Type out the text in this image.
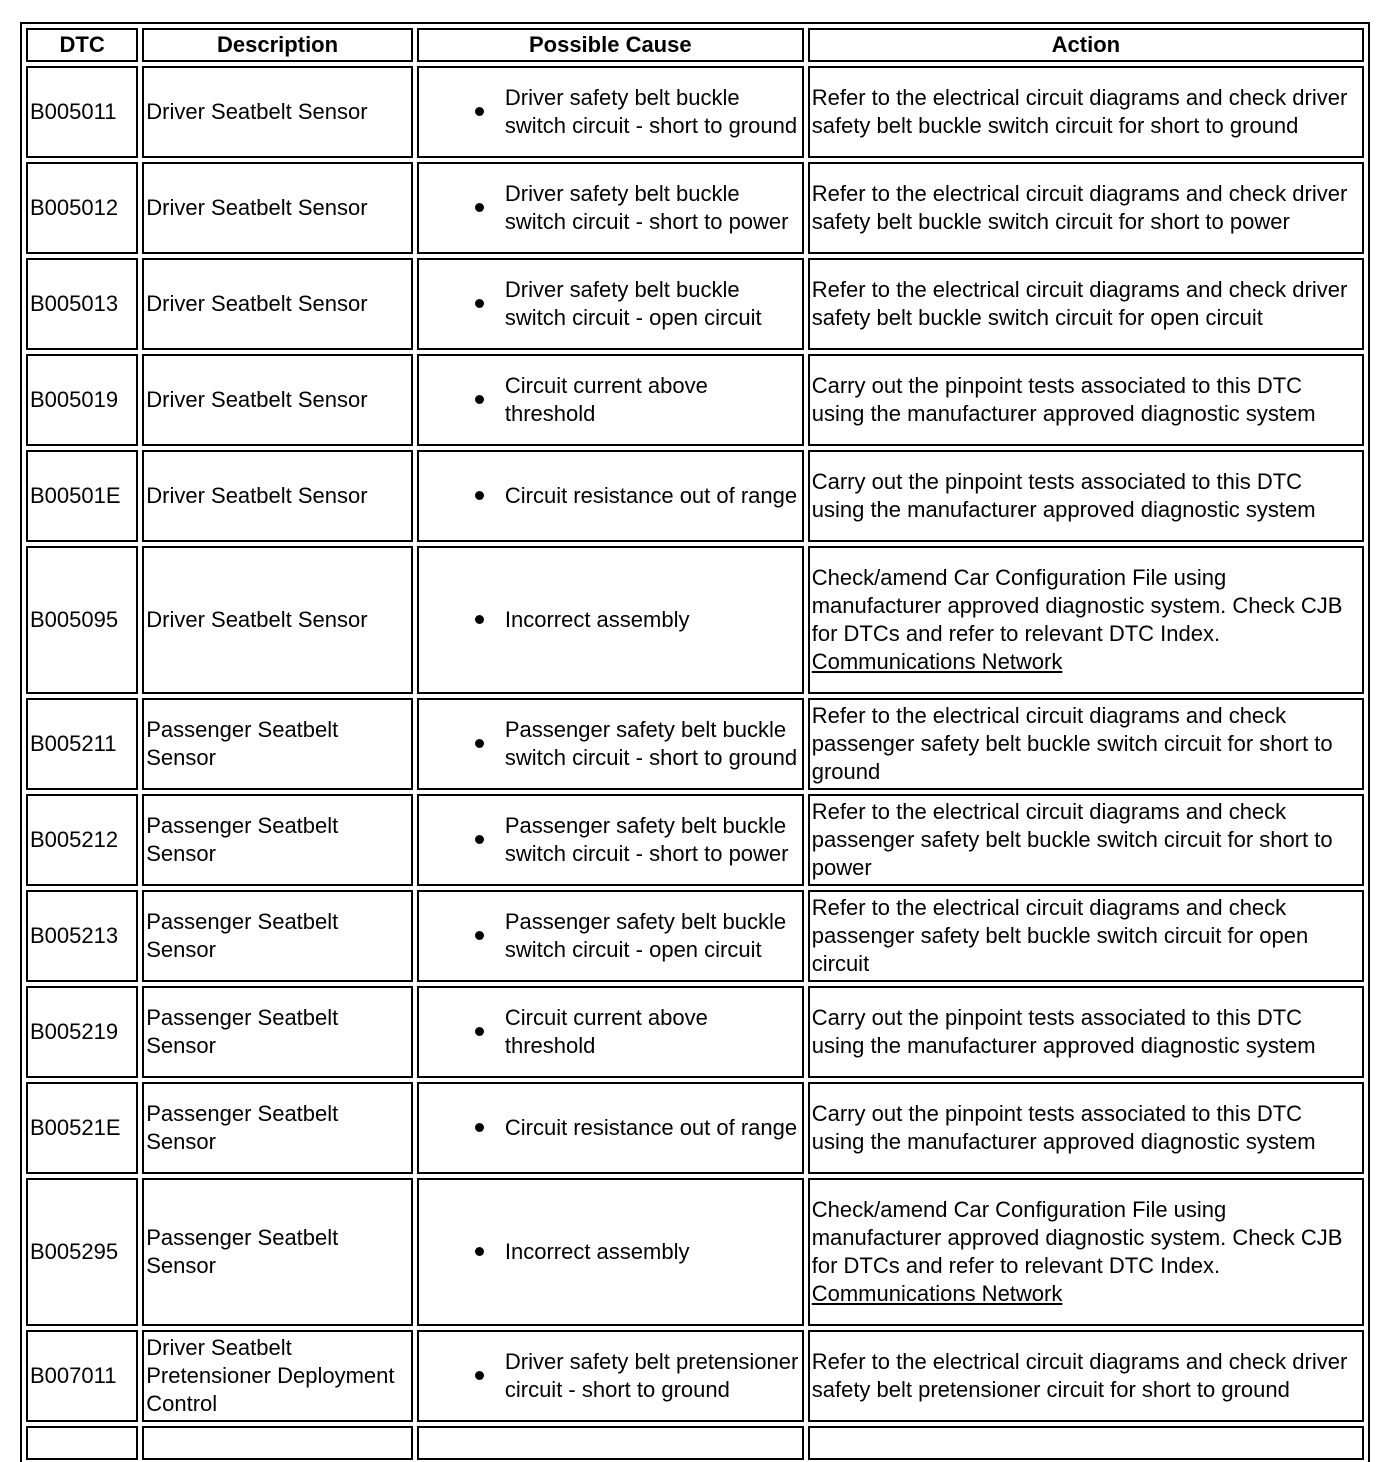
DTC	Description	Possible Cause	Action
B005011	Driver Seatbelt Sensor	Driver safety belt buckle switch circuit - short to ground	Refer to the electrical circuit diagrams and check driver safety belt buckle switch circuit for short to ground
B005012	Driver Seatbelt Sensor	Driver safety belt buckle switch circuit - short to power	Refer to the electrical circuit diagrams and check driver safety belt buckle switch circuit for short to power
B005013	Driver Seatbelt Sensor	Driver safety belt buckle switch circuit - open circuit	Refer to the electrical circuit diagrams and check driver safety belt buckle switch circuit for open circuit
B005019	Driver Seatbelt Sensor	Circuit current above threshold	Carry out the pinpoint tests associated to this DTC using the manufacturer approved diagnostic system
B00501E	Driver Seatbelt Sensor	Circuit resistance out of range	Carry out the pinpoint tests associated to this DTC using the manufacturer approved diagnostic system
B005095	Driver Seatbelt Sensor	Incorrect assembly	Check/amend Car Configuration File using manufacturer approved diagnostic system. Check CJB for DTCs and refer to relevant DTC Index.
Communications Network
B005211	Passenger Seatbelt Sensor	Passenger safety belt buckle switch circuit - short to ground	Refer to the electrical circuit diagrams and check passenger safety belt buckle switch circuit for short to ground
B005212	Passenger Seatbelt Sensor	Passenger safety belt buckle switch circuit - short to power	Refer to the electrical circuit diagrams and check passenger safety belt buckle switch circuit for short to power
B005213	Passenger Seatbelt Sensor	Passenger safety belt buckle switch circuit - open circuit	Refer to the electrical circuit diagrams and check passenger safety belt buckle switch circuit for open circuit
B005219	Passenger Seatbelt Sensor	Circuit current above threshold	Carry out the pinpoint tests associated to this DTC using the manufacturer approved diagnostic system
B00521E	Passenger Seatbelt Sensor	Circuit resistance out of range	Carry out the pinpoint tests associated to this DTC using the manufacturer approved diagnostic system
B005295	Passenger Seatbelt Sensor	Incorrect assembly	Check/amend Car Configuration File using manufacturer approved diagnostic system. Check CJB for DTCs and refer to relevant DTC Index.
Communications Network
B007011	Driver Seatbelt Pretensioner Deployment Control	Driver safety belt pretensioner circuit - short to ground	Refer to the electrical circuit diagrams and check driver safety belt pretensioner circuit for short to ground
